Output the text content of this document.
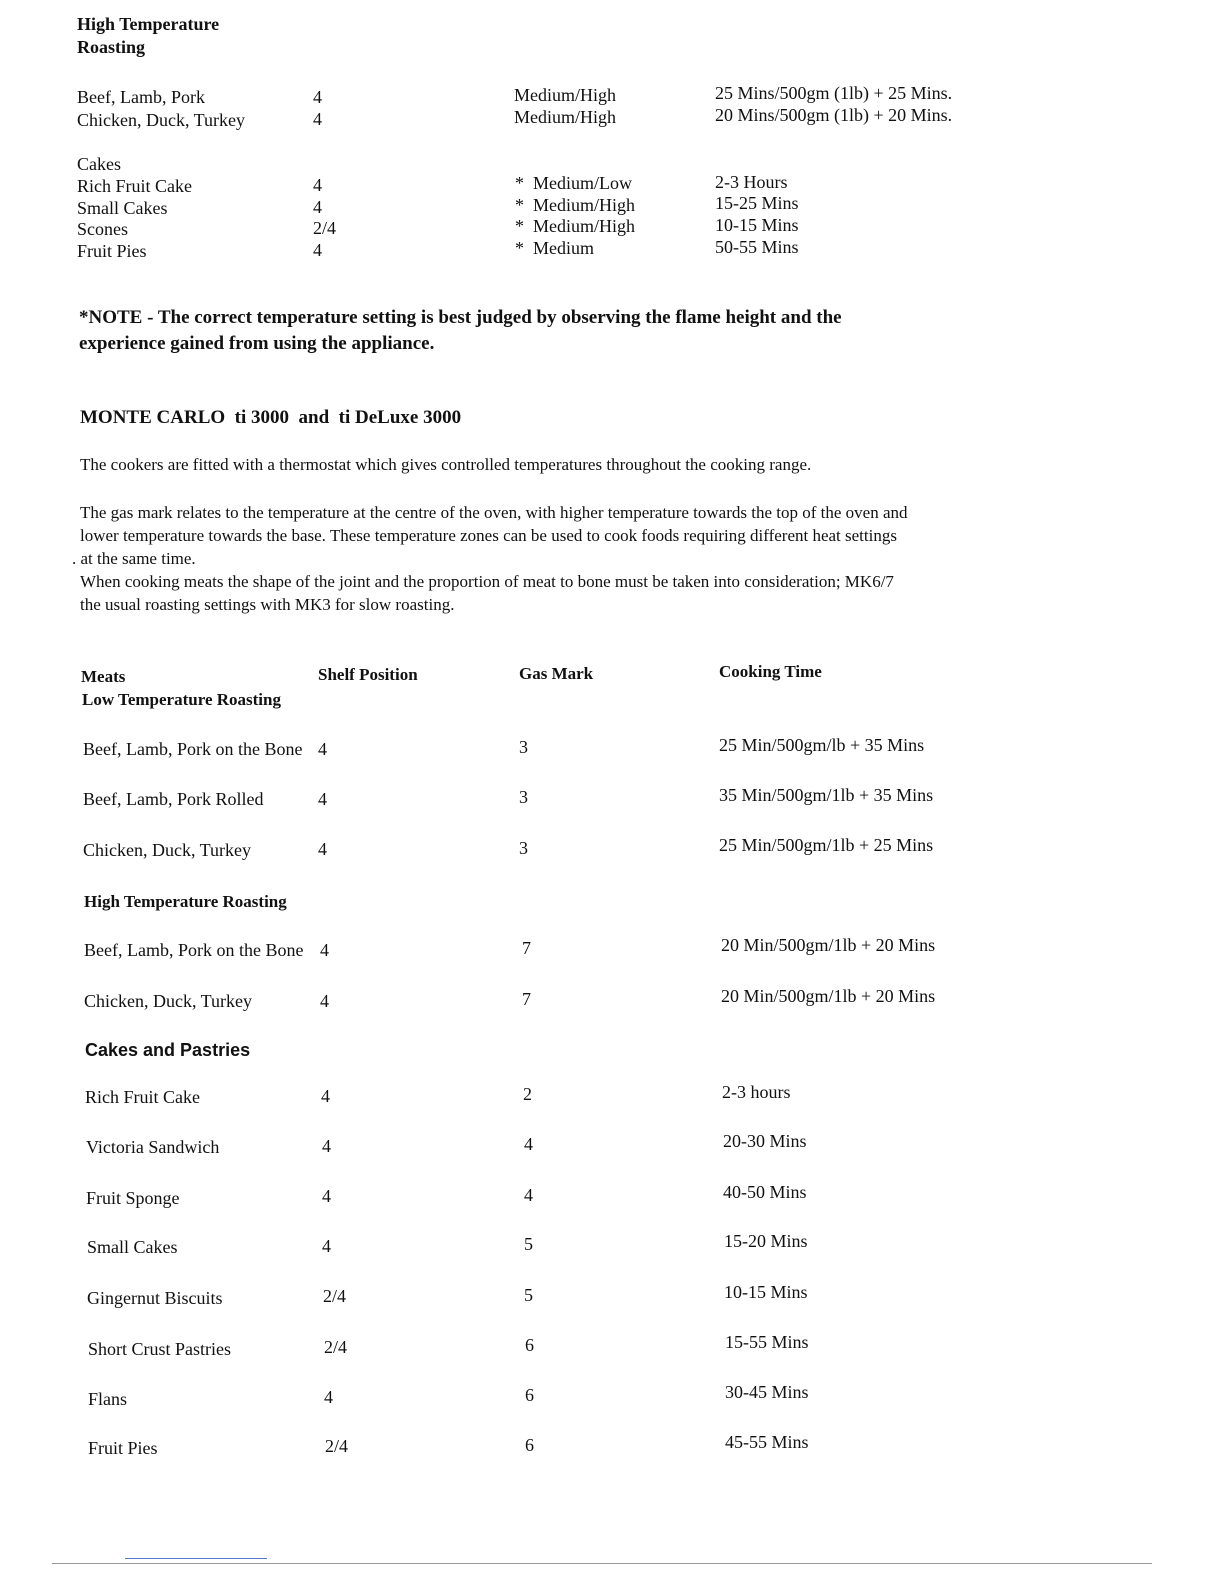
High Temperature
Roasting
Beef, Lamb, Pork	4	Medium/High	25 Mins/500gm (1lb) + 25 Mins.
Chicken, Duck, Turkey	4	Medium/High	20 Mins/500gm (1lb) + 20 Mins.
Cakes
Rich Fruit Cake	4	*  Medium/Low	2-3 Hours
Small Cakes	4	*  Medium/High	15-25 Mins
Scones	2/4	*  Medium/High	10-15 Mins
Fruit Pies	4	*  Medium	50-55 Mins
*NOTE - The correct temperature setting is best judged by observing the flame height and the
experience gained from using the appliance.
MONTE CARLO  ti 3000  and  ti DeLuxe 3000
The cookers are fitted with a thermostat which gives controlled temperatures throughout the cooking range.
The gas mark relates to the temperature at the centre of the oven, with higher temperature towards the top of the oven and
lower temperature towards the base. These temperature zones can be used to cook foods requiring different heat settings
. at the same time.
When cooking meats the shape of the joint and the proportion of meat to bone must be taken into consideration; MK6/7
the usual roasting settings with MK3 for slow roasting.
Meats	Shelf Position	Gas Mark	Cooking Time
Low Temperature Roasting
Beef, Lamb, Pork on the Bone 4	3	25 Min/500gm/lb + 35 Mins
Beef, Lamb, Pork Rolled	4	3	35 Min/500gm/1lb + 35 Mins
Chicken, Duck, Turkey	4	3	25 Min/500gm/1lb + 25 Mins
High Temperature Roasting
Beef, Lamb, Pork on the Bone 4	7	20 Min/500gm/1lb + 20 Mins
Chicken, Duck, Turkey	4	7	20 Min/500gm/1lb + 20 Mins
Cakes and Pastries
Rich Fruit Cake	4	2	2-3 hours
Victoria Sandwich	4	4	20-30 Mins
Fruit Sponge	4	4	40-50 Mins
Small Cakes	4	5	15-20 Mins
Gingernut Biscuits	2/4	5	10-15 Mins
Short Crust Pastries	2/4	6	15-55 Mins
Flans	4	6	30-45 Mins
Fruit Pies	2/4	6	45-55 Mins
